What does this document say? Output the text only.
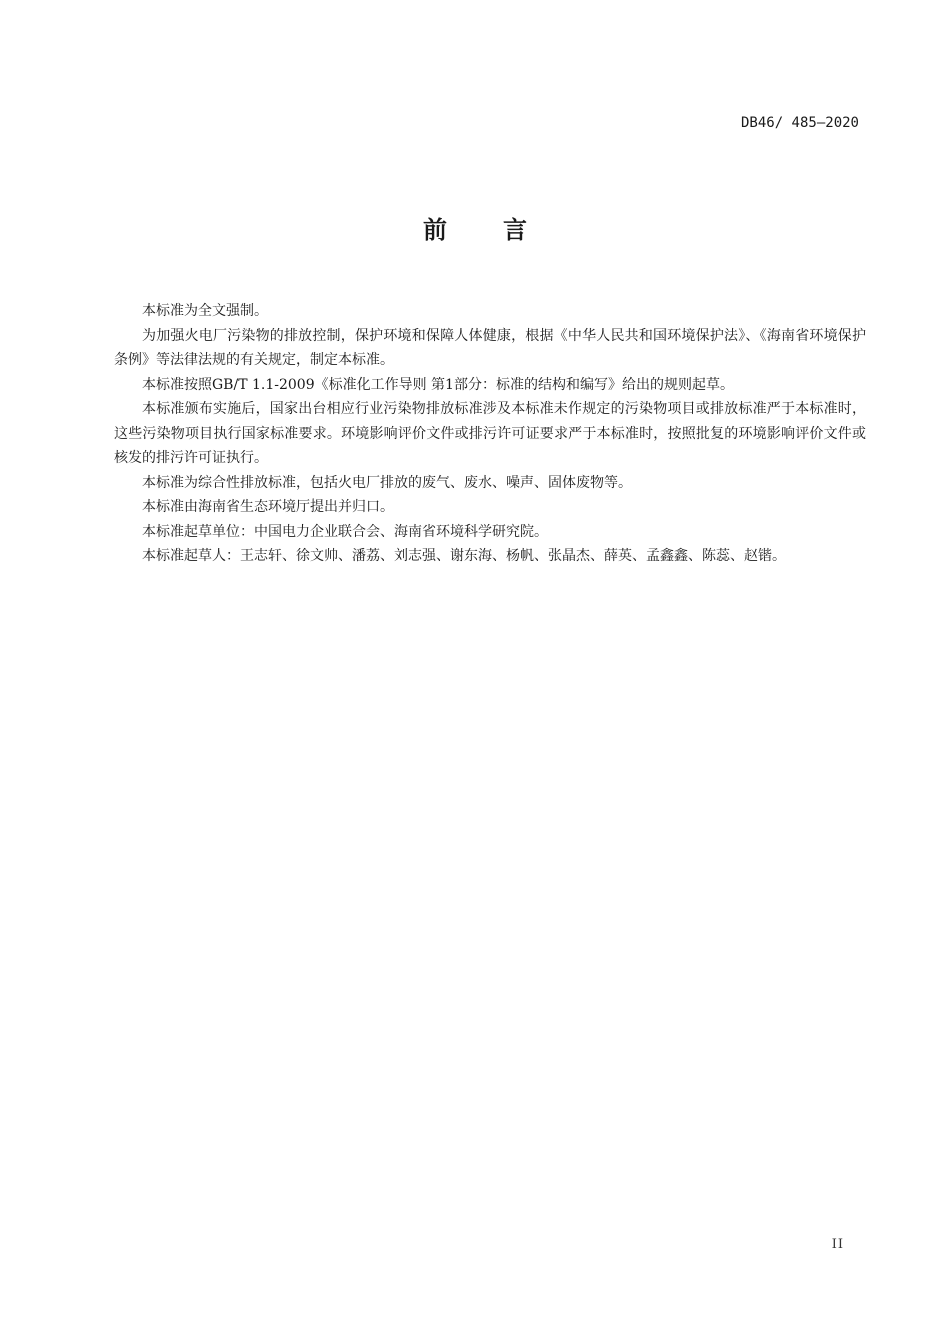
DB46/ 485—2020
前言

本标准为全文强制。

为加强火电厂污染物的排放控制，保护环境和保障人体健康，根据《中华人民共和国环境保护法》、《海南省环境保护条例》等法律法规的有关规定，制定本标准。

本标准按照GB/T 1.1-2009《标准化工作导则 第1部分：标准的结构和编写》给出的规则起草。

本标准颁布实施后，国家出台相应行业污染物排放标准涉及本标准未作规定的污染物项目或排放标准严于本标准时，这些污染物项目执行国家标准要求。环境影响评价文件或排污许可证要求严于本标准时，按照批复的环境影响评价文件或核发的排污许可证执行。

本标准为综合性排放标准，包括火电厂排放的废气、废水、噪声、固体废物等。

本标准由海南省生态环境厅提出并归口。

本标准起草单位：中国电力企业联合会、海南省环境科学研究院。

本标准起草人：王志轩、徐文帅、潘荔、刘志强、谢东海、杨帆、张晶杰、薛英、孟鑫鑫、陈蕊、赵锴。

II
